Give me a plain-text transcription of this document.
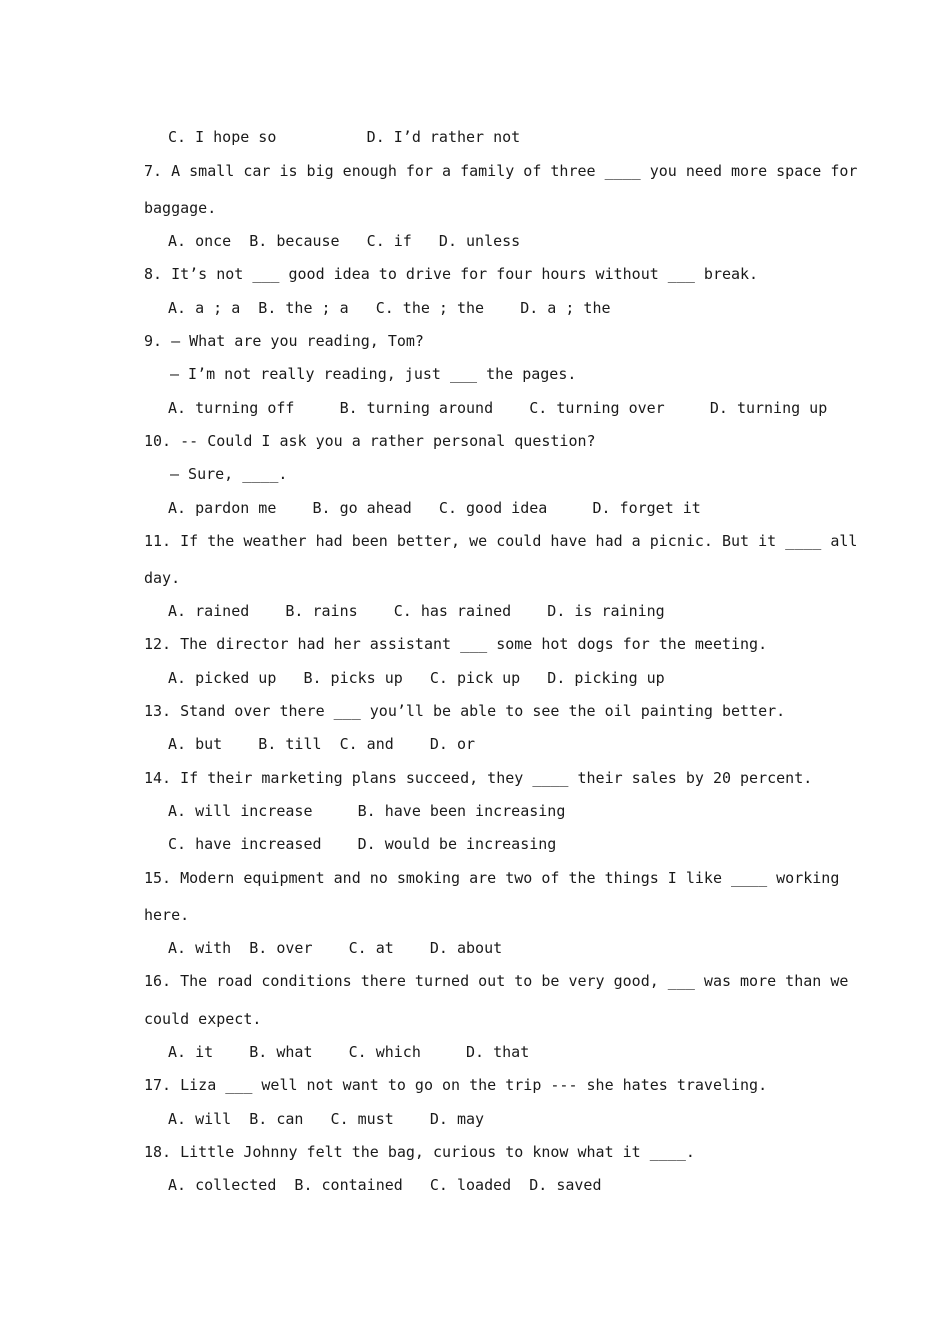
C. I hope so          D. I’d rather not
7. A small car is big enough for a family of three ____ you need more space for
baggage.
A. once  B. because   C. if   D. unless
8. It’s not ___ good idea to drive for four hours without ___ break.
A. a ; a  B. the ; a   C. the ; the    D. a ; the
9. – What are you reading, Tom?
– I’m not really reading, just ___ the pages.
A. turning off     B. turning around    C. turning over     D. turning up
10. -- Could I ask you a rather personal question?
— Sure, ____.
A. pardon me    B. go ahead   C. good idea     D. forget it
11. If the weather had been better, we could have had a picnic. But it ____ all
day.
A. rained    B. rains    C. has rained    D. is raining
12. The director had her assistant ___ some hot dogs for the meeting.
A. picked up   B. picks up   C. pick up   D. picking up
13. Stand over there ___ you’ll be able to see the oil painting better.
A. but    B. till  C. and    D. or
14. If their marketing plans succeed, they ____ their sales by 20 percent.
A. will increase     B. have been increasing
C. have increased    D. would be increasing
15. Modern equipment and no smoking are two of the things I like ____ working
here.
A. with  B. over    C. at    D. about
16. The road conditions there turned out to be very good, ___ was more than we
could expect.
A. it    B. what    C. which     D. that
17. Liza ___ well not want to go on the trip --- she hates traveling.
A. will  B. can   C. must    D. may
18. Little Johnny felt the bag, curious to know what it ____.
A. collected  B. contained   C. loaded  D. saved
